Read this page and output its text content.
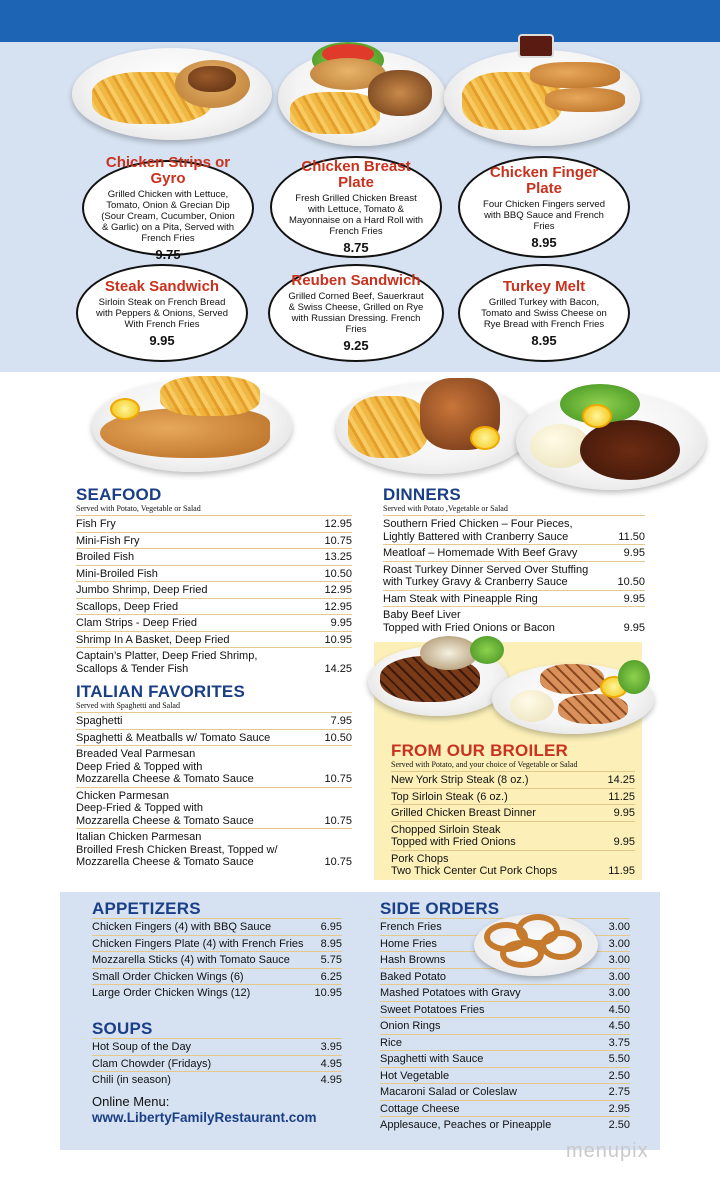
Chicken Strips or Gyro
Grilled Chicken with Lettuce, Tomato, Onion & Grecian Dip (Sour Cream, Cucumber, Onion & Garlic) on a Pita, Served with French Fries
9.75
Chicken Breast Plate
Fresh Grilled Chicken Breast with Lettuce, Tomato & Mayonnaise on a Hard Roll with French Fries
8.75
Chicken Finger Plate
Four Chicken Fingers served with BBQ Sauce and French Fries
8.95
Steak Sandwich
Sirloin Steak on French Bread with Peppers & Onions, Served With French Fries
9.95
Reuben Sandwich
Grilled Corned Beef, Sauerkraut & Swiss Cheese, Grilled on Rye with Russian Dressing. French Fries
9.25
Turkey Melt
Grilled Turkey with Bacon, Tomato and Swiss Cheese on Rye Bread with French Fries
8.95
SEAFOOD
Served with Potato, Vegetable or Salad
Fish Fry	12.95
Mini-Fish Fry	10.75
Broiled Fish	13.25
Mini-Broiled Fish	10.50
Jumbo Shrimp, Deep Fried	12.95
Scallops, Deep Fried	12.95
Clam Strips - Deep Fried	9.95
Shrimp In A Basket, Deep Fried	10.95
Captain’s Platter, Deep Fried Shrimp,
Scallops & Tender Fish	14.25
ITALIAN FAVORITES
Served with Spaghetti and Salad
Spaghetti	7.95
Spaghetti & Meatballs w/ Tomato Sauce	10.50
Breaded Veal Parmesan
Deep Fried & Topped with
Mozzarella Cheese & Tomato Sauce	10.75
Chicken Parmesan
Deep-Fried & Topped with
Mozzarella Cheese & Tomato Sauce	10.75
Italian Chicken Parmesan
Broilled Fresh Chicken Breast, Topped w/
Mozzarella Cheese & Tomato Sauce	10.75
DINNERS
Served with Potato ,Vegetable or Salad
Southern Fried Chicken – Four Pieces,
Lightly Battered with Cranberry Sauce	11.50
Meatloaf – Homemade With Beef Gravy	9.95
Roast Turkey Dinner Served Over Stuffing
with Turkey Gravy & Cranberry Sauce	10.50
Ham Steak with Pineapple Ring	9.95
Baby Beef Liver
Topped with Fried Onions or Bacon	9.95
FROM OUR BROILER
Served with Potato, and your choice of Vegetable or Salad
New York Strip Steak (8 oz.)	14.25
Top Sirloin Steak (6 oz.)	11.25
Grilled Chicken Breast Dinner	9.95
Chopped Sirloin Steak
Topped with Fried Onions	9.95
Pork Chops
Two Thick Center Cut Pork Chops	11.95
APPETIZERS
Chicken Fingers (4) with BBQ Sauce	6.95
Chicken Fingers Plate (4) with French Fries	8.95
Mozzarella Sticks (4) with Tomato Sauce	5.75
Small Order Chicken Wings (6)	6.25
Large Order Chicken Wings (12)	10.95
SOUPS
Hot Soup of the Day	3.95
Clam Chowder (Fridays)	4.95
Chili (in season)	4.95
Online Menu:
www.LibertyFamilyRestaurant.com
SIDE ORDERS
French Fries	3.00
Home Fries	3.00
Hash Browns	3.00
Baked Potato	3.00
Mashed Potatoes with Gravy	3.00
Sweet Potatoes Fries	4.50
Onion Rings	4.50
Rice	3.75
Spaghetti with Sauce	5.50
Hot Vegetable	2.50
Macaroni Salad or Coleslaw	2.75
Cottage Cheese	2.95
Applesauce, Peaches or Pineapple	2.50
menupix
